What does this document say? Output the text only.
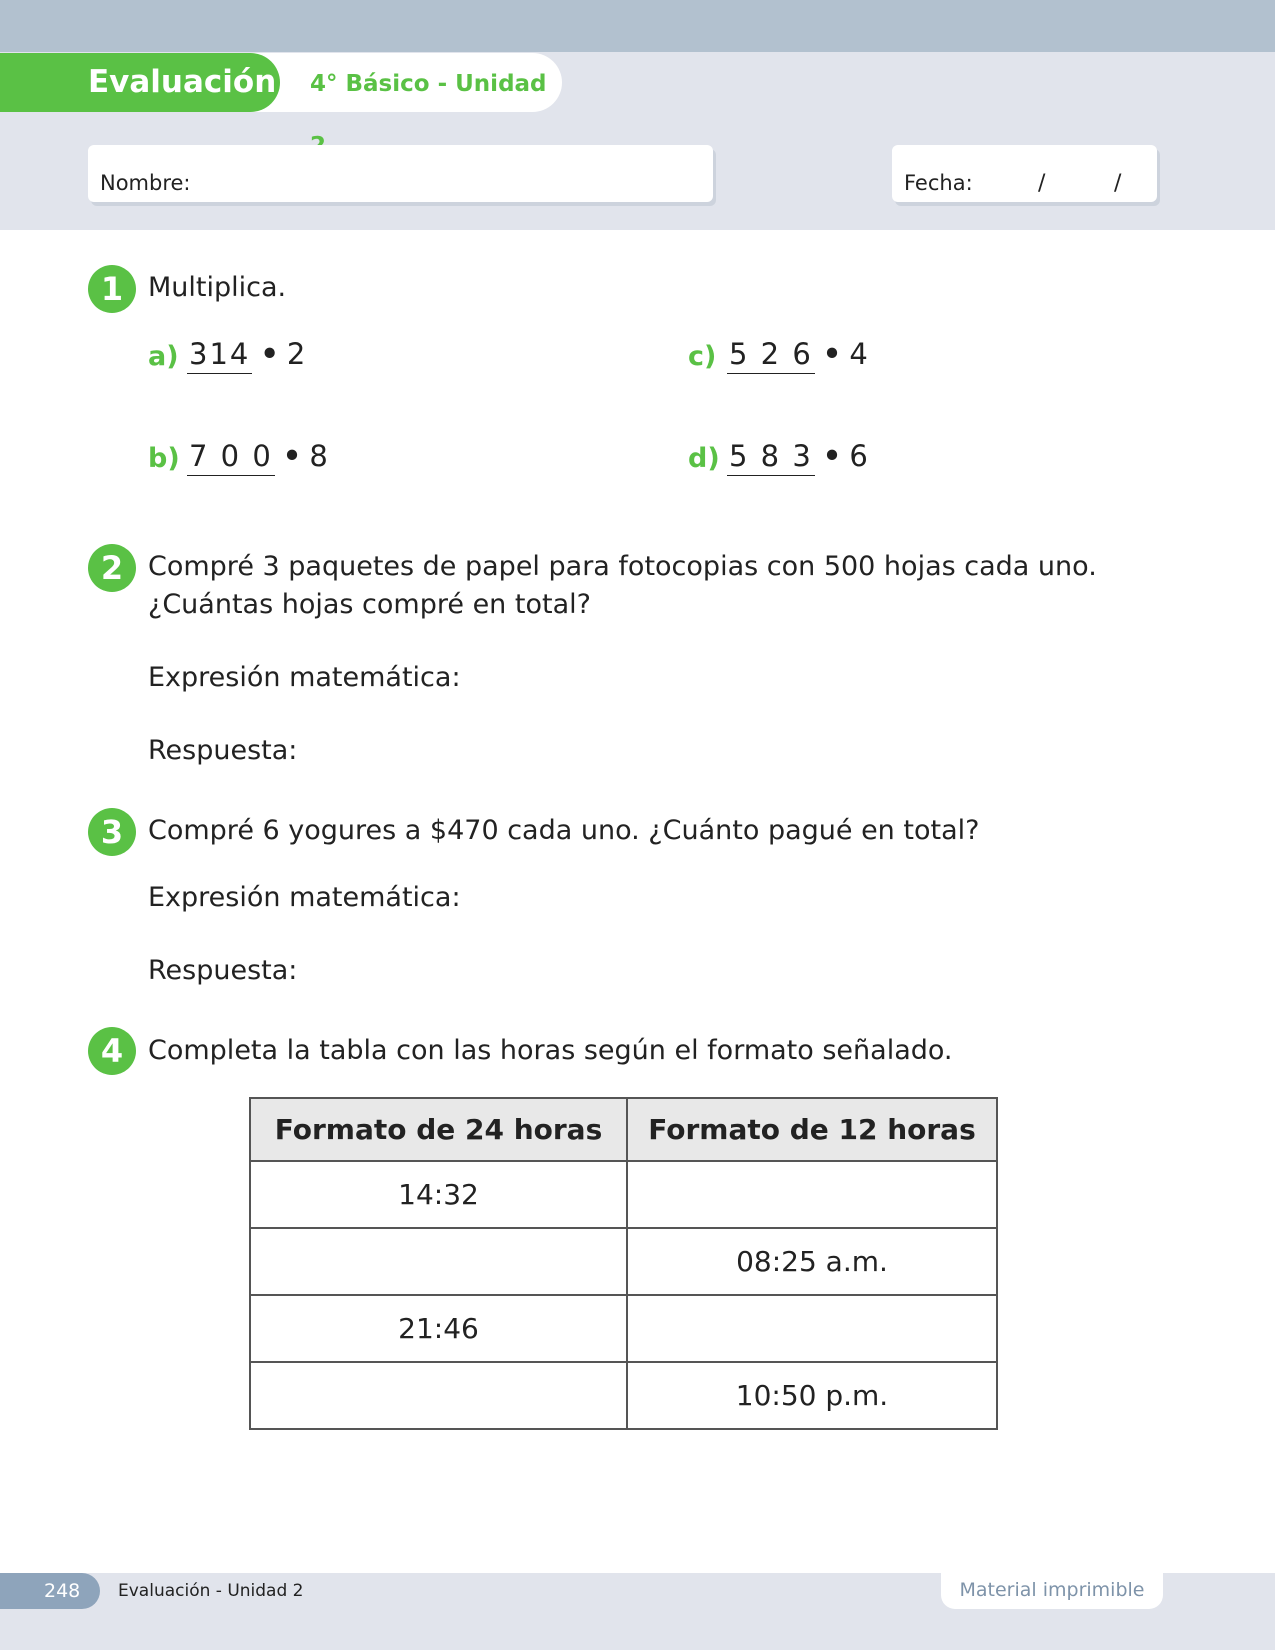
4° Básico - Unidad
Evaluación
Nombre:	Fecha:	/	/
1 Multiplica.
a) 314 • 2
b) 7 0 0 • 8
c) 5 2 6 • 4
d) 5 8 3 • 6
2 Compré 3 paquetes de papel para fotocopias con 500 hojas cada uno.
¿Cuántas hojas compré en total?
Expresión matemática:
Respuesta:
3 Compré 6 yogures a $470 cada uno. ¿Cuánto pagué en total?
Expresión matemática:
Respuesta:
4 Completa la tabla con las horas según el formato señalado.
Formato de 24 horas	Formato de 12 horas
14:32	
	08:25 a.m.
21:46	
	10:50 p.m.
248	Evaluación - Unidad 2	Material imprimible
